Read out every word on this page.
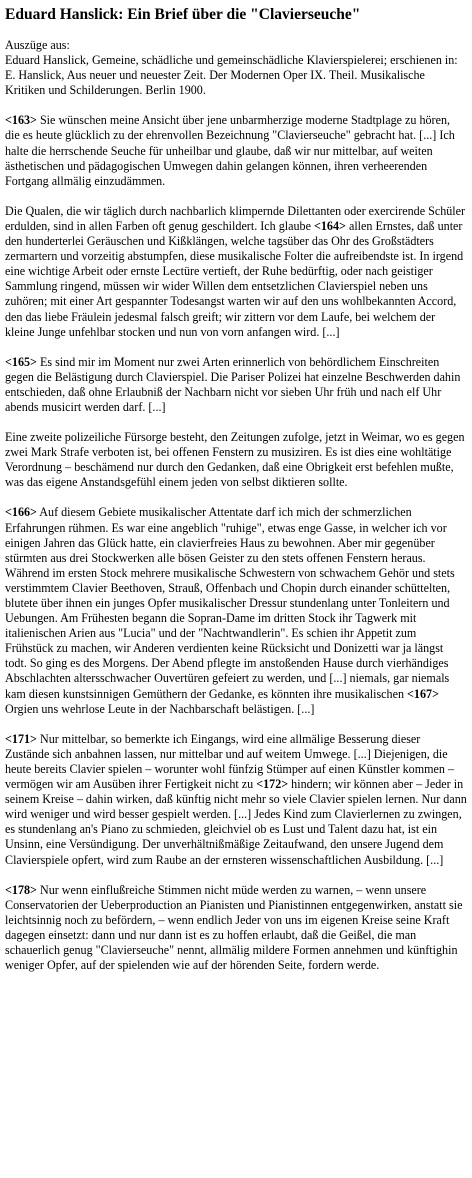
Eduard Hanslick: Ein Brief über die "Clavierseuche"

Auszüge aus:
Eduard Hanslick, Gemeine, schädliche und gemeinschädliche Klavierspielerei; erschienen in: E. Hanslick, Aus neuer und neuester Zeit. Der Modernen Oper IX. Theil. Musikalische Kritiken und Schilderungen. Berlin 1900.

<163> Sie wünschen meine Ansicht über jene unbarmherzige moderne Stadtplage zu hören, die es heute glücklich zu der ehrenvollen Bezeichnung "Clavierseuche" gebracht hat. [...] Ich halte die herrschende Seuche für unheilbar und glaube, daß wir nur mittelbar, auf weiten ästhetischen und pädagogischen Umwegen dahin gelangen können, ihren verheerenden Fortgang allmälig einzudämmen.

Die Qualen, die wir täglich durch nachbarlich klimpernde Dilettanten oder exercirende Schüler erdulden, sind in allen Farben oft genug geschildert. Ich glaube <164> allen Ernstes, daß unter den hunderterlei Geräuschen und Kißklängen, welche tagsüber das Ohr des Großstädters zermartern und vorzeitig abstumpfen, diese musikalische Folter die aufreibendste ist. In irgend eine wichtige Arbeit oder ernste Lectüre vertieft, der Ruhe bedürftig, oder nach geistiger Sammlung ringend, müssen wir wider Willen dem entsetzlichen Clavierspiel neben uns zuhören; mit einer Art gespannter Todesangst warten wir auf den uns wohlbekannten Accord, den das liebe Fräulein jedesmal falsch greift; wir zittern vor dem Laufe, bei welchem der kleine Junge unfehlbar stocken und nun von vorn anfangen wird. [...]

<165> Es sind mir im Moment nur zwei Arten erinnerlich von behördlichem Einschreiten gegen die Belästigung durch Clavierspiel. Die Pariser Polizei hat einzelne Beschwerden dahin entschieden, daß ohne Erlaubniß der Nachbarn nicht vor sieben Uhr früh und nach elf Uhr abends musicirt werden darf. [...]

Eine zweite polizeiliche Fürsorge besteht, den Zeitungen zufolge, jetzt in Weimar, wo es gegen zwei Mark Strafe verboten ist, bei offenen Fenstern zu musiziren. Es ist dies eine wohltätige Verordnung – beschämend nur durch den Gedanken, daß eine Obrigkeit erst befehlen mußte, was das eigene Anstandsgefühl einem jeden von selbst diktieren sollte.

<166> Auf diesem Gebiete musikalischer Attentate darf ich mich der schmerzlichen Erfahrungen rühmen. Es war eine angeblich "ruhige", etwas enge Gasse, in welcher ich vor einigen Jahren das Glück hatte, ein clavierfreies Haus zu bewohnen. Aber mir gegenüber stürmten aus drei Stockwerken alle bösen Geister zu den stets offenen Fenstern heraus. Während im ersten Stock mehrere musikalische Schwestern von schwachem Gehör und stets verstimmtem Clavier Beethoven, Strauß, Offenbach und Chopin durch einander schüttelten, blutete über ihnen ein junges Opfer musikalischer Dressur stundenlang unter Tonleitern und Uebungen. Am Frühesten begann die Sopran-Dame im dritten Stock ihr Tagwerk mit italienischen Arien aus "Lucia" und der "Nachtwandlerin". Es schien ihr Appetit zum Frühstück zu machen, wir Anderen verdienten keine Rücksicht und Donizetti war ja längst todt. So ging es des Morgens. Der Abend pflegte im anstoßenden Hause durch vierhändiges Abschlachten altersschwacher Ouvertüren gefeiert zu werden, und [...] niemals, gar niemals kam diesen kunstsinnigen Gemüthern der Gedanke, es könnten ihre musikalischen <167> Orgien uns wehrlose Leute in der Nachbarschaft belästigen. [...]

<171> Nur mittelbar, so bemerkte ich Eingangs, wird eine allmälige Besserung dieser Zustände sich anbahnen lassen, nur mittelbar und auf weitem Umwege. [...] Diejenigen, die heute bereits Clavier spielen – worunter wohl fünfzig Stümper auf einen Künstler kommen – vermögen wir am Ausüben ihrer Fertigkeit nicht zu <172> hindern; wir können aber – Jeder in seinem Kreise – dahin wirken, daß künftig nicht mehr so viele Clavier spielen lernen. Nur dann wird weniger und wird besser gespielt werden. [...] Jedes Kind zum Clavierlernen zu zwingen, es stundenlang an's Piano zu schmieden, gleichviel ob es Lust und Talent dazu hat, ist ein Unsinn, eine Versündigung. Der unverhältnißmäßige Zeitaufwand, den unsere Jugend dem Clavierspiele opfert, wird zum Raube an der ernsteren wissenschaftlichen Ausbildung. [...]

<178> Nur wenn einflußreiche Stimmen nicht müde werden zu warnen, – wenn unsere Conservatorien der Ueberproduction an Pianisten und Pianistinnen entgegenwirken, anstatt sie leichtsinnig noch zu befördern, – wenn endlich Jeder von uns im eigenen Kreise seine Kraft dagegen einsetzt: dann und nur dann ist es zu hoffen erlaubt, daß die Geißel, die man schauerlich genug "Clavierseuche" nennt, allmälig mildere Formen annehmen und künftighin weniger Opfer, auf der spielenden wie auf der hörenden Seite, fordern werde.
